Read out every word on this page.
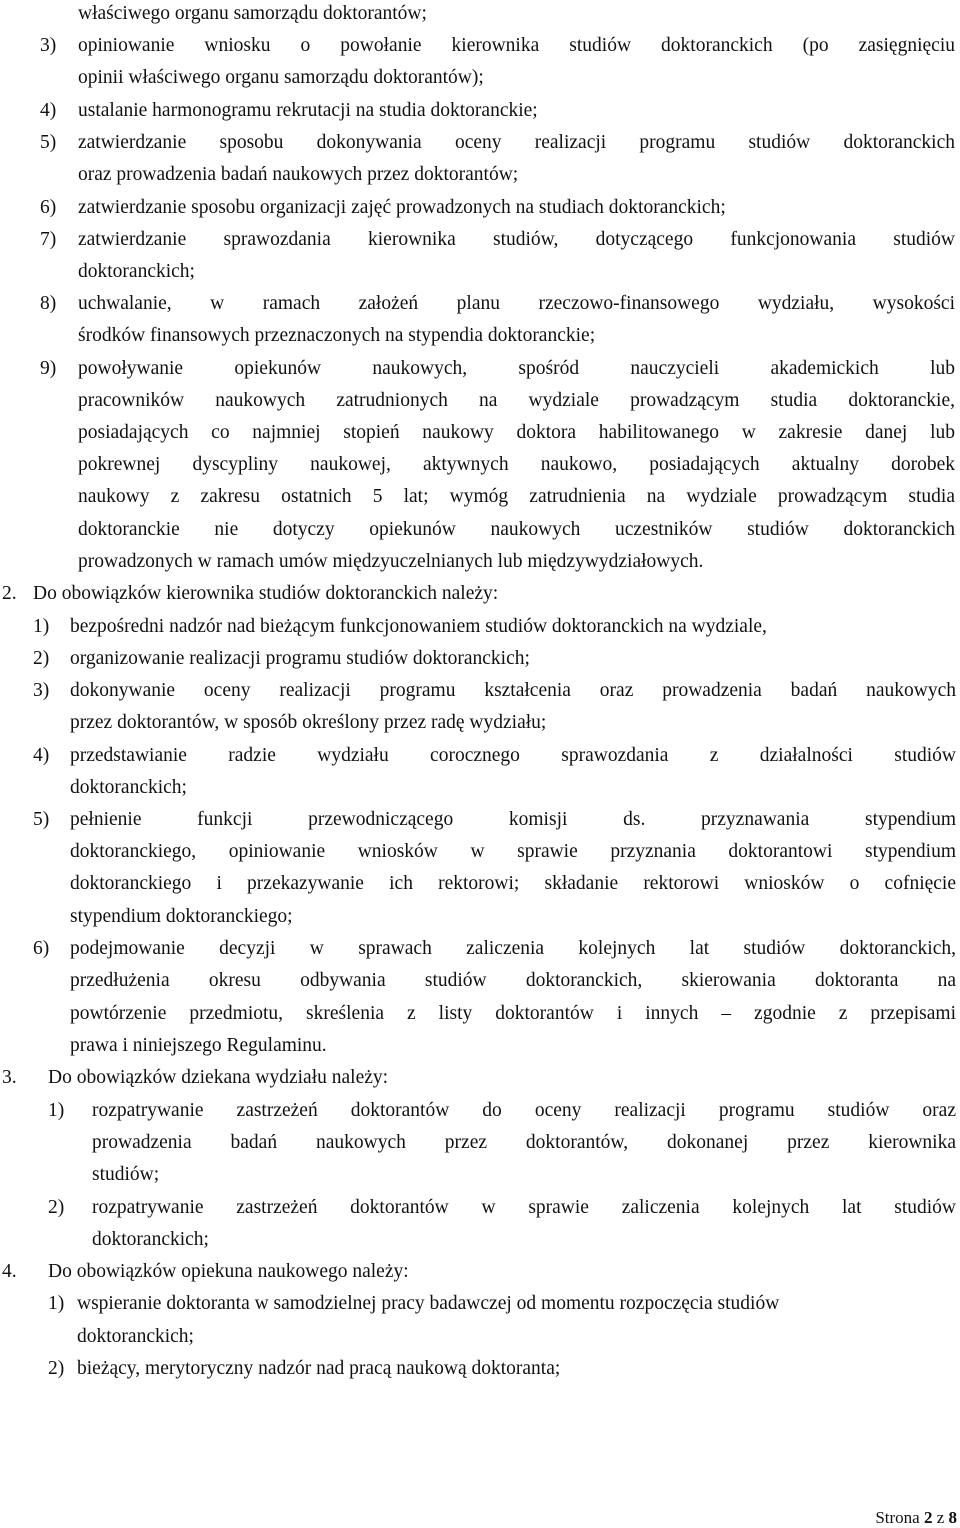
właściwego organu samorządu doktorantów;
3) opiniowanie wniosku o powołanie kierownika studiów doktoranckich (po zasięgnięciu
opinii właściwego organu samorządu doktorantów);
4) ustalanie harmonogramu rekrutacji na studia doktoranckie;
5) zatwierdzanie sposobu dokonywania oceny realizacji programu studiów doktoranckich
oraz prowadzenia badań naukowych przez doktorantów;
6) zatwierdzanie sposobu organizacji zajęć prowadzonych na studiach doktoranckich;
7) zatwierdzanie sprawozdania kierownika studiów, dotyczącego funkcjonowania studiów
doktoranckich;
8) uchwalanie, w ramach założeń planu rzeczowo-finansowego wydziału, wysokości
środków finansowych przeznaczonych na stypendia doktoranckie;
9) powoływanie opiekunów naukowych, spośród nauczycieli akademickich lub
pracowników naukowych zatrudnionych na wydziale prowadzącym studia doktoranckie,
posiadających co najmniej stopień naukowy doktora habilitowanego w zakresie danej lub
pokrewnej dyscypliny naukowej, aktywnych naukowo, posiadających aktualny dorobek
naukowy z zakresu ostatnich 5 lat; wymóg zatrudnienia na wydziale prowadzącym studia
doktoranckie nie dotyczy opiekunów naukowych uczestników studiów doktoranckich
prowadzonych w ramach umów międzyuczelnianych lub międzywydziałowych.
2. Do obowiązków kierownika studiów doktoranckich należy:
1) bezpośredni nadzór nad bieżącym funkcjonowaniem studiów doktoranckich na wydziale,
2) organizowanie realizacji programu studiów doktoranckich;
3) dokonywanie oceny realizacji programu kształcenia oraz prowadzenia badań naukowych
przez doktorantów, w sposób określony przez radę wydziału;
4) przedstawianie radzie wydziału corocznego sprawozdania z działalności studiów
doktoranckich;
5) pełnienie funkcji przewodniczącego komisji ds. przyznawania stypendium
doktoranckiego, opiniowanie wniosków w sprawie przyznania doktorantowi stypendium
doktoranckiego i przekazywanie ich rektorowi; składanie rektorowi wniosków o cofnięcie
stypendium doktoranckiego;
6) podejmowanie decyzji w sprawach zaliczenia kolejnych lat studiów doktoranckich,
przedłużenia okresu odbywania studiów doktoranckich, skierowania doktoranta na
powtórzenie przedmiotu, skreślenia z listy doktorantów i innych – zgodnie z przepisami
prawa i niniejszego Regulaminu.
3. Do obowiązków dziekana wydziału należy:
1) rozpatrywanie zastrzeżeń doktorantów do oceny realizacji programu studiów oraz
prowadzenia badań naukowych przez doktorantów, dokonanej przez kierownika
studiów;
2) rozpatrywanie zastrzeżeń doktorantów w sprawie zaliczenia kolejnych lat studiów
doktoranckich;
4. Do obowiązków opiekuna naukowego należy:
1) wspieranie doktoranta w samodzielnej pracy badawczej od momentu rozpoczęcia studiów
doktoranckich;
2) bieżący, merytoryczny nadzór nad pracą naukową doktoranta;
Strona 2 z 8
